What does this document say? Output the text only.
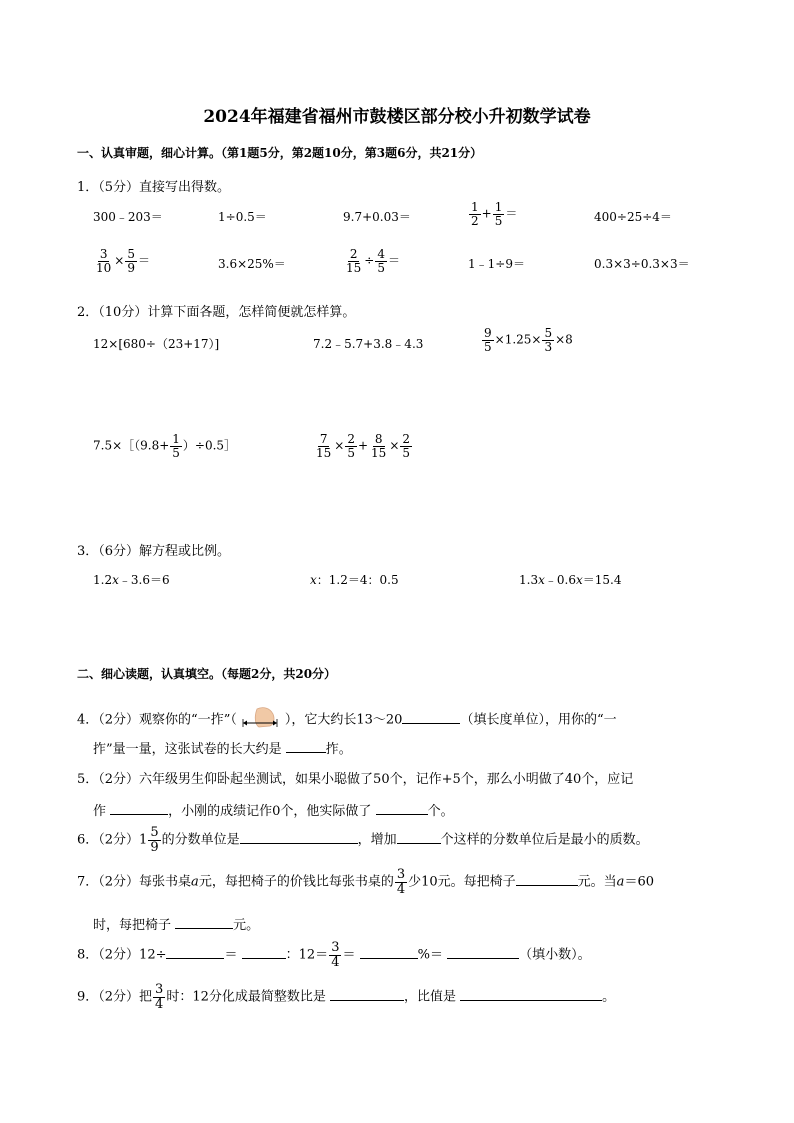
2024年福建省福州市鼓楼区部分校小升初数学试卷
一、认真审题，细心计算。（第1题5分，第2题10分，第3题6分，共21分）
1．（5分）直接写出得数。
300﹣203＝	1÷0.5＝	9.7+0.03＝	$\frac{1}{2} + \frac{1}{5}$ ＝	400÷25÷4＝
$\frac{3}{10} \times \frac{5}{9}$ ＝	3.6×25%＝	$\frac{2}{15} \div \frac{4}{5}$ ＝	1﹣1÷9＝	0.3×3÷0.3×3＝
2．（10分）计算下面各题，怎样简便就怎样算。
12×[680÷（23+17）]	7.2﹣5.7+3.8﹣4.3	$\frac{9}{5} \times 1.25\times \frac{5}{3} \times 8$
7.5×［（9.8+ $\frac{1}{5}$ ）÷0.5］	$\frac{7}{15} \times \frac{2}{5} + \frac{8}{15} \times \frac{2}{5}$
3．（6分）解方程或比例。
1.2x﹣3.6＝6	x：1.2＝4：0.5	1.3x﹣0.6x＝15.4
二、细心读题，认真填空。（每题2分，共20分）
4．（2分）观察你的“一拃”（	），它大约长13～20	（填长度单位），用你的“一
拃”量一量，这张试卷的长大约是	拃。
5．（2分）六年级男生仰卧起坐测试，如果小聪做了50个，记作+5个，那么小明做了40个，应记
作	，小刚的成绩记作0个，他实际做了	个。
6．（2分）$1 \frac{5}{9}$ 的分数单位是	，增加	个这样的分数单位后是最小的质数。
7．（2分）每张书桌a元，每把椅子的价钱比每张书桌的 $\frac{3}{4}$ 少10元。每把椅子	元。当a＝60
时，每把椅子	元。
8．（2分）12÷	＝	：$12= \frac{3}{4}$ ＝	%＝	（填小数）。
9．（2分）把 $\frac{3}{4}$ 时：12分化成最简整数比是	，比值是	。
